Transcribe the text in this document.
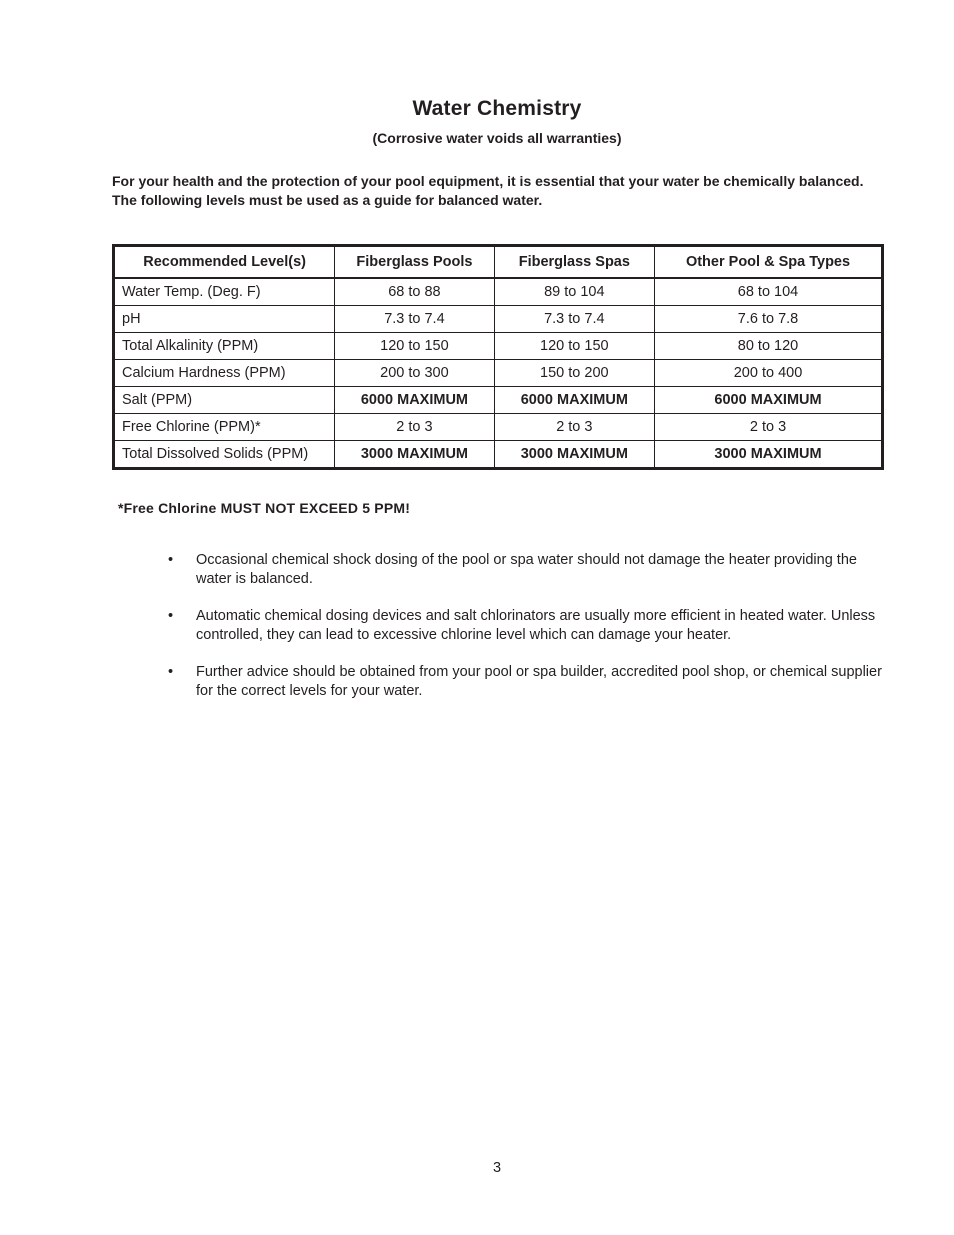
Water Chemistry
(Corrosive water voids all warranties)
For your health and the protection of your pool equipment, it is essential that your water be chemically balanced. The following levels must be used as a guide for balanced water.
Recommended Level(s)	Fiberglass Pools	Fiberglass Spas	Other Pool & Spa Types
Water Temp. (Deg. F)	68 to 88	89 to 104	68 to 104
pH	7.3 to 7.4	7.3 to 7.4	7.6 to 7.8
Total Alkalinity (PPM)	120 to 150	120 to 150	80 to 120
Calcium Hardness (PPM)	200 to 300	150 to 200	200 to 400
Salt (PPM)	6000 MAXIMUM	6000 MAXIMUM	6000 MAXIMUM
Free Chlorine (PPM)*	2 to 3	2 to 3	2 to 3
Total Dissolved Solids (PPM)	3000 MAXIMUM	3000 MAXIMUM	3000 MAXIMUM
*Free Chlorine MUST NOT EXCEED 5 PPM!
• Occasional chemical shock dosing of the pool or spa water should not damage the heater providing the water is balanced.
• Automatic chemical dosing devices and salt chlorinators are usually more efficient in heated water. Unless controlled, they can lead to excessive chlorine level which can damage your heater.
• Further advice should be obtained from your pool or spa builder, accredited pool shop, or chemical supplier for the correct levels for your water.
3
